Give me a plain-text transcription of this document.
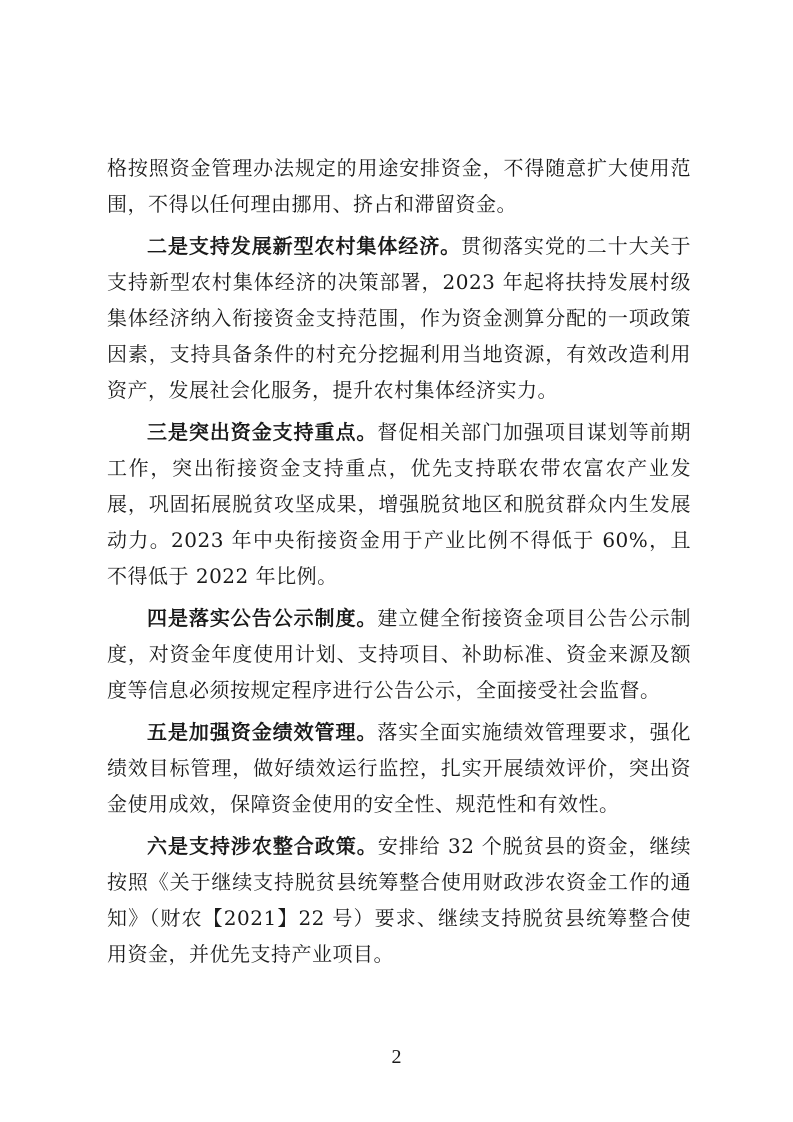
格按照资金管理办法规定的用途安排资金，不得随意扩大使用范围，不得以任何理由挪用、挤占和滞留资金。

二是支持发展新型农村集体经济。贯彻落实党的二十大关于支持新型农村集体经济的决策部署，2023 年起将扶持发展村级集体经济纳入衔接资金支持范围，作为资金测算分配的一项政策因素，支持具备条件的村充分挖掘利用当地资源，有效改造利用资产，发展社会化服务，提升农村集体经济实力。

三是突出资金支持重点。督促相关部门加强项目谋划等前期工作，突出衔接资金支持重点，优先支持联农带农富农产业发展，巩固拓展脱贫攻坚成果，增强脱贫地区和脱贫群众内生发展动力。2023 年中央衔接资金用于产业比例不得低于 60%，且不得低于 2022 年比例。

四是落实公告公示制度。建立健全衔接资金项目公告公示制度，对资金年度使用计划、支持项目、补助标准、资金来源及额度等信息必须按规定程序进行公告公示，全面接受社会监督。

五是加强资金绩效管理。落实全面实施绩效管理要求，强化绩效目标管理，做好绩效运行监控，扎实开展绩效评价，突出资金使用成效，保障资金使用的安全性、规范性和有效性。

六是支持涉农整合政策。安排给 32 个脱贫县的资金，继续按照《关于继续支持脱贫县统筹整合使用财政涉农资金工作的通知》（财农【2021】22 号）要求、继续支持脱贫县统筹整合使用资金，并优先支持产业项目。

2
